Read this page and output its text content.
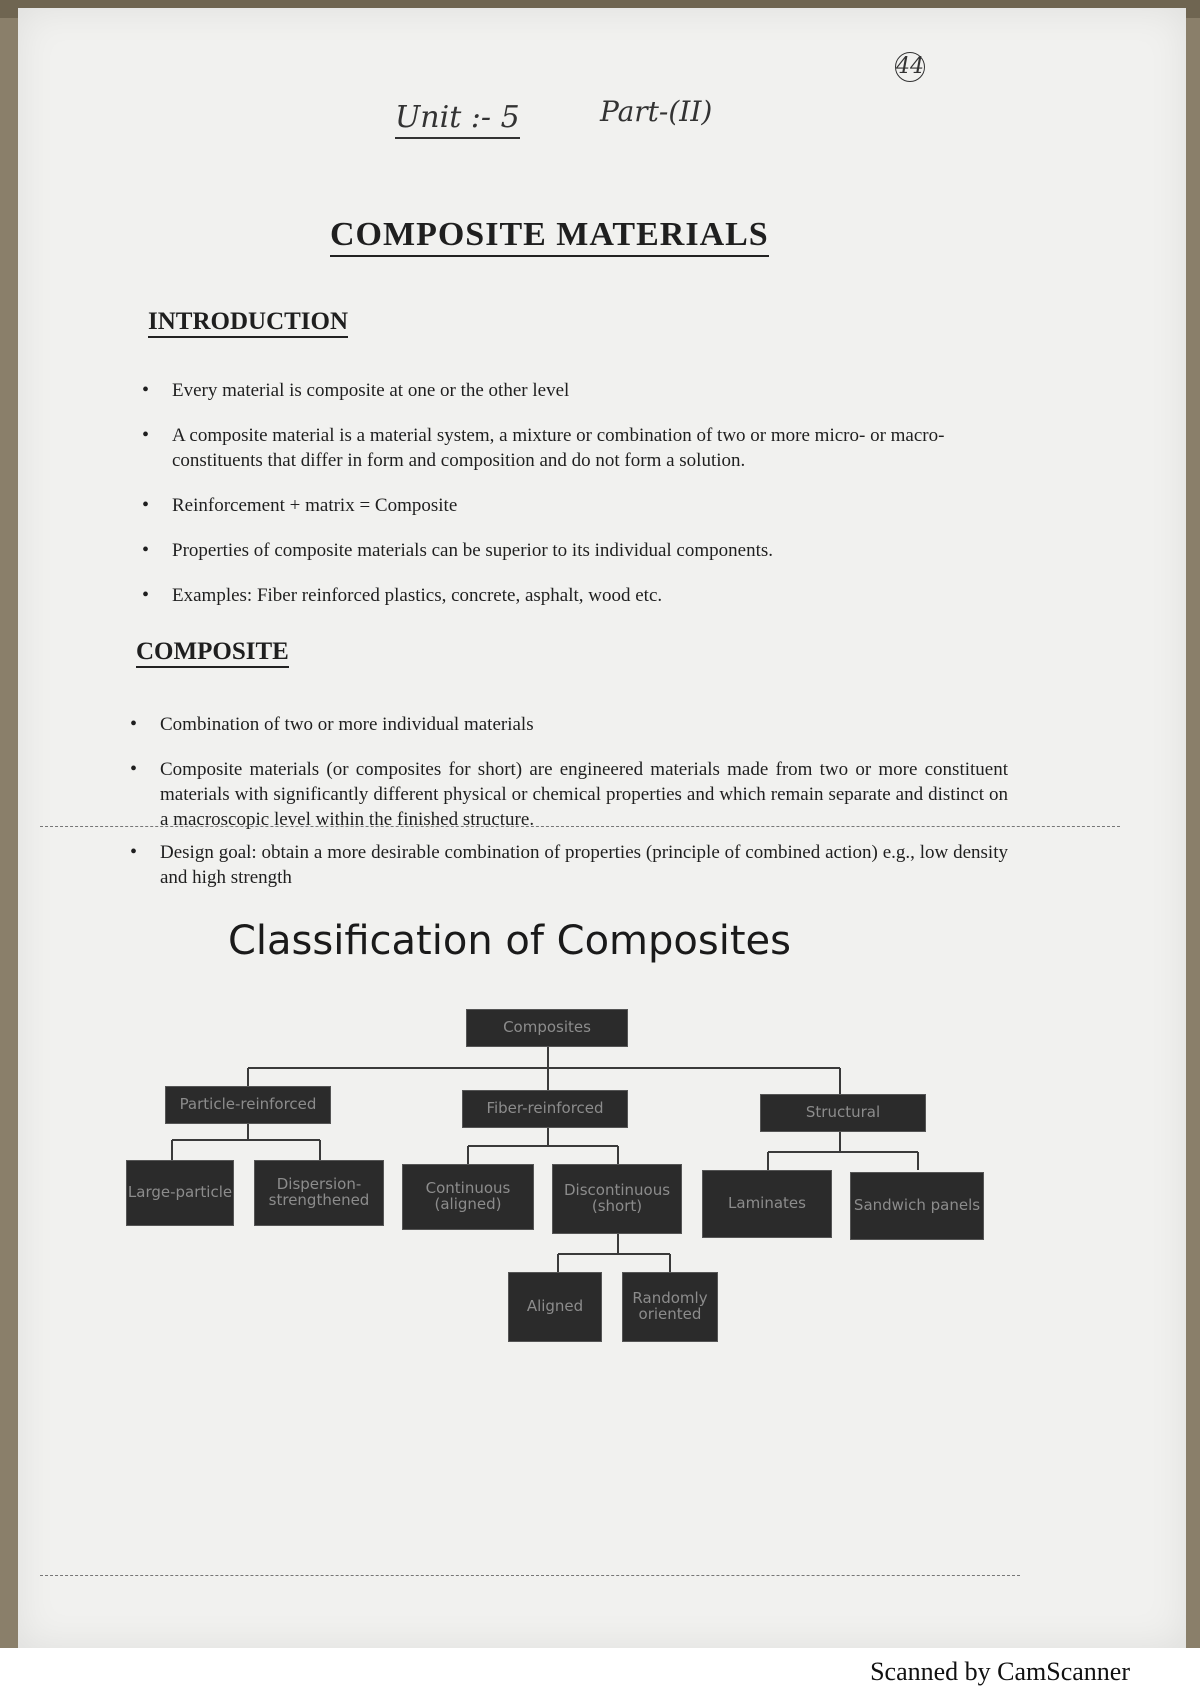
44
Unit :- 5	Part-(II)
COMPOSITE MATERIALS
INTRODUCTION
• Every material is composite at one or the other level
• A composite material is a material system, a mixture or combination of two or more micro- or macro-constituents that differ in form and composition and do not form a solution.
• Reinforcement + matrix = Composite
• Properties of composite materials can be superior to its individual components.
• Examples: Fiber reinforced plastics, concrete, asphalt, wood etc.
COMPOSITE
• Combination of two or more individual materials
• Composite materials (or composites for short) are engineered materials made from two or more constituent materials with significantly different physical or chemical properties and which remain separate and distinct on a macroscopic level within the finished structure.
• Design goal: obtain a more desirable combination of properties (principle of combined action) e.g., low density and high strength
Classification of Composites
Composites
Particle-reinforced	Fiber-reinforced	Structural
Large-particle	Dispersion-strengthened
Continuous (aligned)
Discontinuous (short)	Laminates	Sandwich panels
Aligned	Randomly oriented
Scanned by CamScanner
